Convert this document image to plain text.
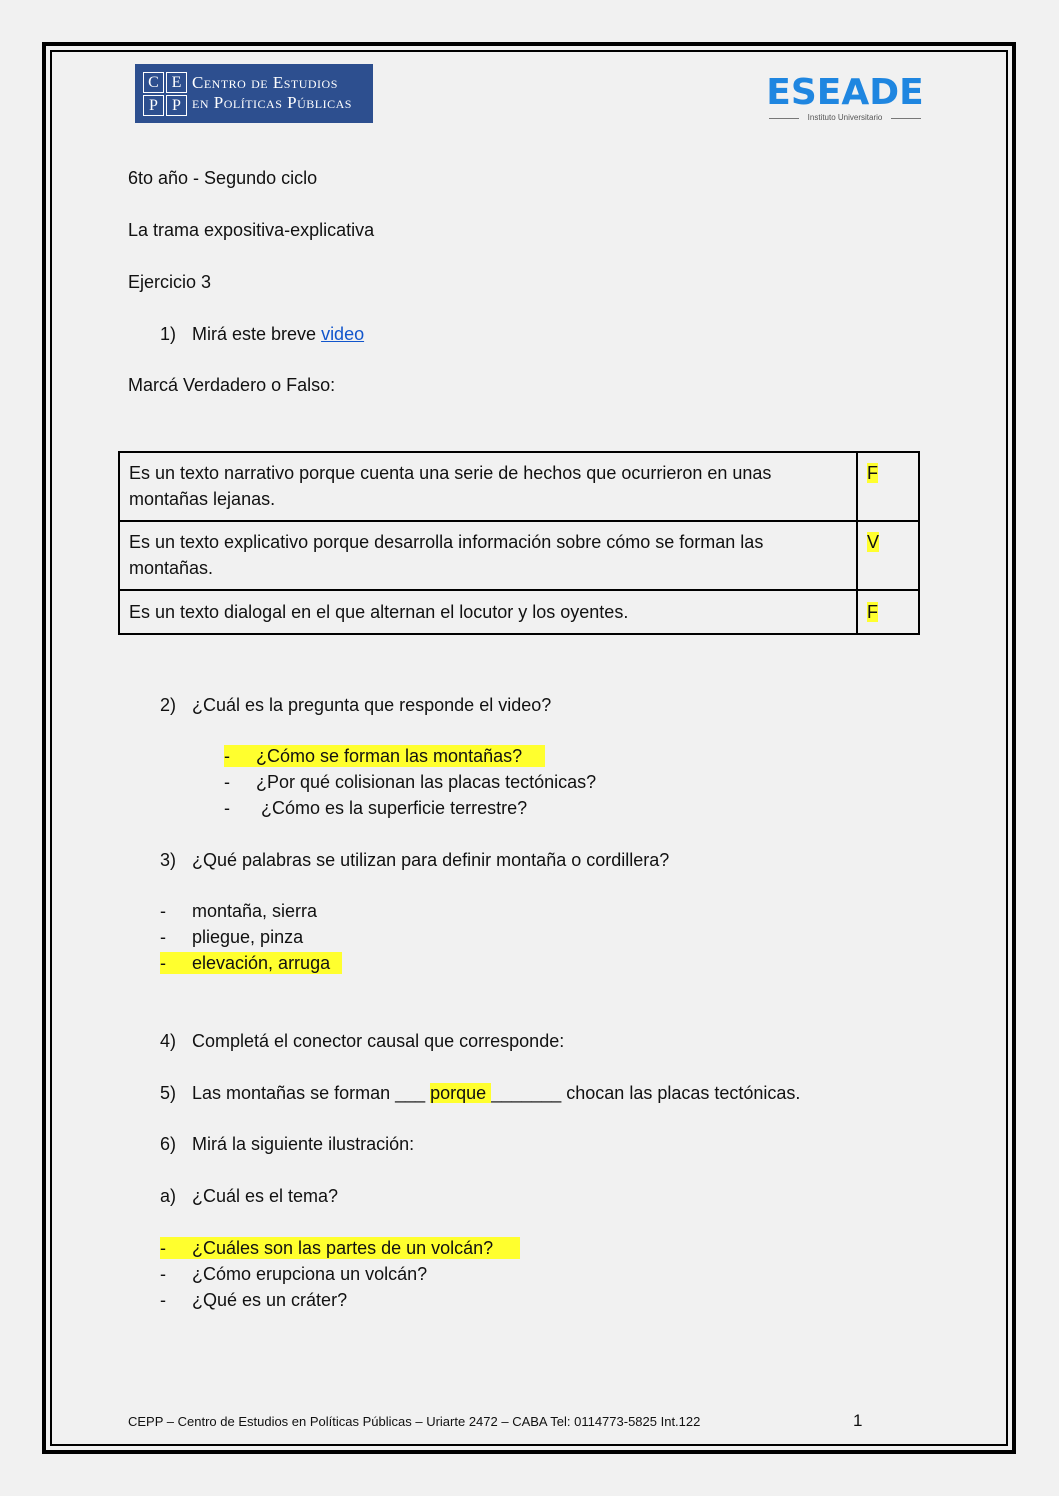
C E
P P
Centro de Estudios
en Políticas Públicas	ESEADE
Instituto Universitario
6to año - Segundo ciclo
La trama expositiva-explicativa
Ejercicio 3
1) Mirá este breve video
Marcá Verdadero o Falso:
Es un texto narrativo porque cuenta una serie de hechos que ocurrieron en unas montañas lejanas.	F
Es un texto explicativo porque desarrolla información sobre cómo se forman las montañas.	V
Es un texto dialogal en el que alternan el locutor y los oyentes.	F
2) ¿Cuál es la pregunta que responde el video?
- ¿Cómo se forman las montañas?
- ¿Por qué colisionan las placas tectónicas?
- ¿Cómo es la superficie terrestre?
3) ¿Qué palabras se utilizan para definir montaña o cordillera?
- montaña, sierra
- pliegue, pinza
- elevación, arruga
4) Completá el conector causal que corresponde:
5) Las montañas se forman ___ porque _______ chocan las placas tectónicas.
6) Mirá la siguiente ilustración:
a) ¿Cuál es el tema?
- ¿Cuáles son las partes de un volcán?
- ¿Cómo erupciona un volcán?
- ¿Qué es un cráter?
CEPP – Centro de Estudios en Políticas Públicas – Uriarte 2472 – CABA Tel: 0114773-5825 Int.122	1
